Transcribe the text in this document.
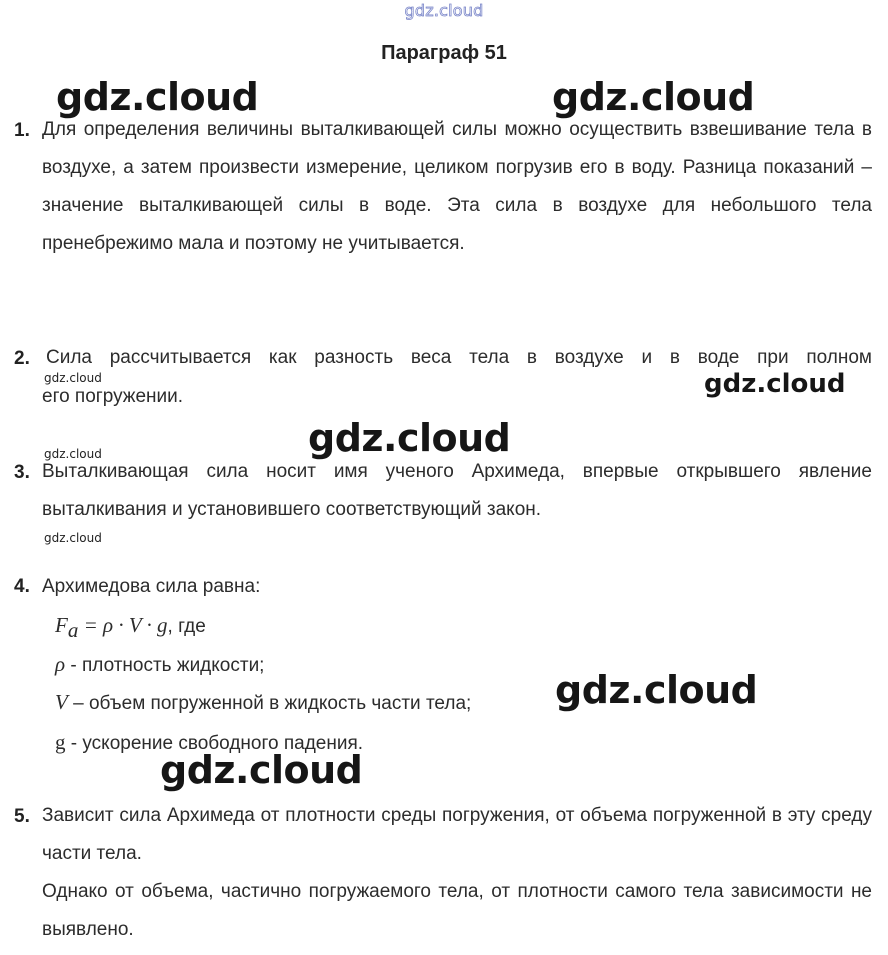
gdz.cloud
Параграф 51
1. Для определения величины выталкивающей силы можно осуществить взвешивание тела в воздухе, а затем произвести измерение, целиком погрузив его в воду. Разница показаний – значение выталкивающей силы в воде. Эта сила в воздухе для небольшого тела пренебрежимо мала и поэтому не учитывается.

2. Сила рассчитывается как разность веса тела в воздухе и в воде при полном
его погружении.
3. Выталкивающая сила носит имя ученого Архимеда, впервые открывшего явление выталкивания и установившего соответствующий закон.

4. Архимедова сила равна:
$F_a = \rho \cdot V \cdot g$, где
ρ - плотность жидкости;
V – объем погруженной в жидкость части тела;
g - ускорение свободного падения.
5. Зависит сила Архимеда от плотности среды погружения, от объема погруженной в эту среду части тела.

Однако от объема, частично погружаемого тела, от плотности самого тела зависимости не выявлено.

gdz.cloud	gdz.cloud
gdz.cloud	gdz.cloud
gdz.cloud	gdz.cloud
gdz.cloud
gdz.cloud
gdz.cloud
